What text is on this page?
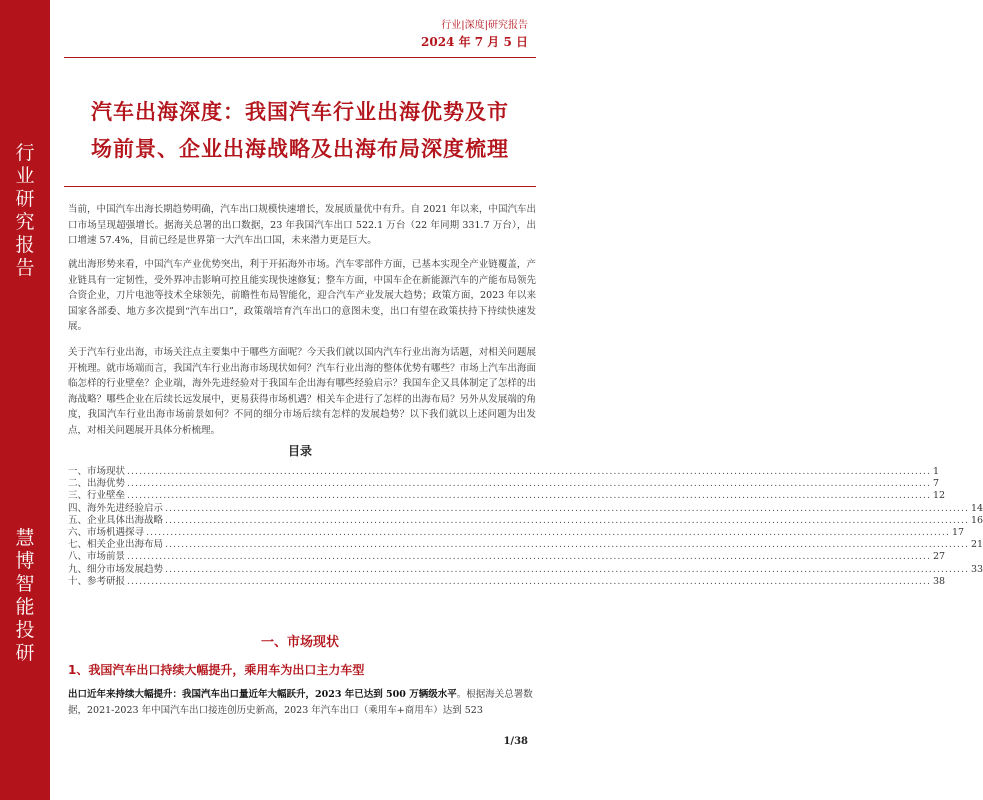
行
业
研
究
报
告
慧
博
智
能
投
研
行业|深度|研究报告
2024 年 7 月 5 日
汽车出海深度：我国汽车行业出海优势及市
场前景、企业出海战略及出海布局深度梳理

当前，中国汽车出海长期趋势明确，汽车出口规模快速增长，发展质量优中有升。自 2021 年以来，中国汽车出口市场呈现超强增长。据海关总署的出口数据，23 年我国汽车出口 522.1 万台（22 年同期 331.7 万台），出口增速 57.4%，目前已经是世界第一大汽车出口国，未来潜力更是巨大。

就出海形势来看，中国汽车产业优势突出，利于开拓海外市场。汽车零部件方面，已基本实现全产业链覆盖，产业链具有一定韧性，受外界冲击影响可控且能实现快速修复；整车方面，中国车企在新能源汽车的产能布局领先合资企业，刀片电池等技术全球领先，前瞻性布局智能化，迎合汽车产业发展大趋势；政策方面，2023 年以来国家各部委、地方多次提到“汽车出口”，政策端培育汽车出口的意图未变，出口有望在政策扶持下持续快速发展。

关于汽车行业出海，市场关注点主要集中于哪些方面呢？今天我们就以国内汽车行业出海为话题，对相关问题展开梳理。就市场端而言，我国汽车行业出海市场现状如何？汽车行业出海的整体优势有哪些？市场上汽车出海面临怎样的行业壁垒？企业端，海外先进经验对于我国车企出海有哪些经验启示？我国车企又具体制定了怎样的出海战略？哪些企业在后续长远发展中，更易获得市场机遇？相关车企进行了怎样的出海布局？另外从发展端的角度，我国汽车行业出海市场前景如何？不同的细分市场后续有怎样的发展趋势？以下我们就以上述问题为出发点，对相关问题展开具体分析梳理。

目录
一、市场现状 ........................................................................................................................................................................................................ 1
二、出海优势 ........................................................................................................................................................................................................ 7
三、行业壁垒 ........................................................................................................................................................................................................ 12
四、海外先进经验启示 ........................................................................................................................................................................................................ 14
五、企业具体出海战略 ........................................................................................................................................................................................................ 16
六、市场机遇探寻 ........................................................................................................................................................................................................ 17
七、相关企业出海布局 ........................................................................................................................................................................................................ 21
八、市场前景 ........................................................................................................................................................................................................ 27
九、细分市场发展趋势 ........................................................................................................................................................................................................ 33
十、参考研报 ........................................................................................................................................................................................................ 38
一、市场现状
1、我国汽车出口持续大幅提升，乘用车为出口主力车型
出口近年来持续大幅提升：我国汽车出口量近年大幅跃升，2023 年已达到 500 万辆级水平。根据海关总署数据，2021-2023 年中国汽车出口接连创历史新高，2023 年汽车出口（乘用车+商用车）达到 523
1/38
